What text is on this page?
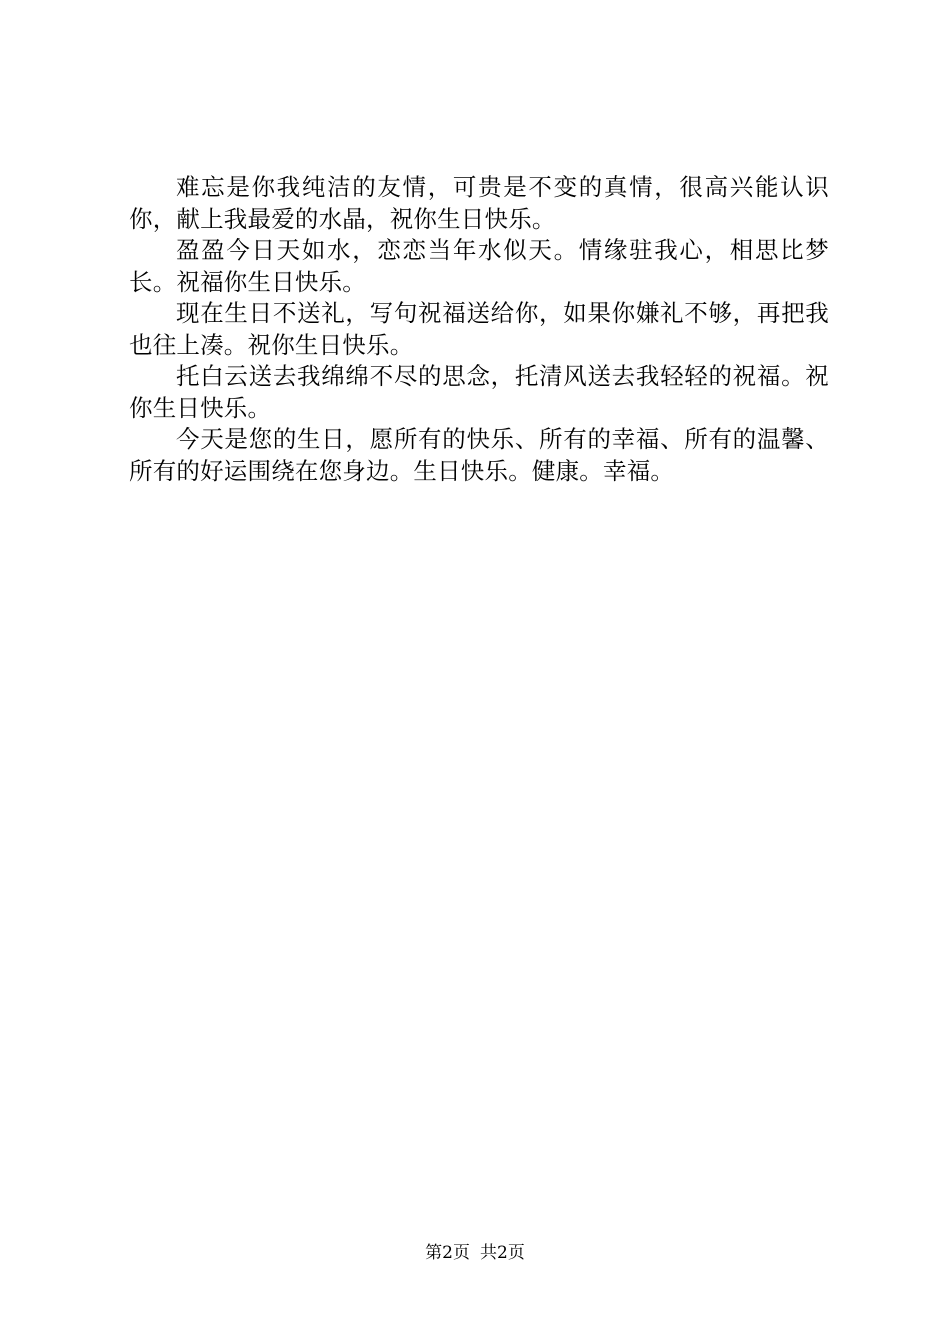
难忘是你我纯洁的友情，可贵是不变的真情，很高兴能认识你，献上我最爱的水晶，祝你生日快乐。

盈盈今日天如水，恋恋当年水似天。情缘驻我心，相思比梦长。祝福你生日快乐。

现在生日不送礼，写句祝福送给你，如果你嫌礼不够，再把我也往上凑。祝你生日快乐。

托白云送去我绵绵不尽的思念，托清风送去我轻轻的祝福。祝你生日快乐。

今天是您的生日，愿所有的快乐、所有的幸福、所有的温馨、所有的好运围绕在您身边。生日快乐。健康。幸福。

第2页 共2页
